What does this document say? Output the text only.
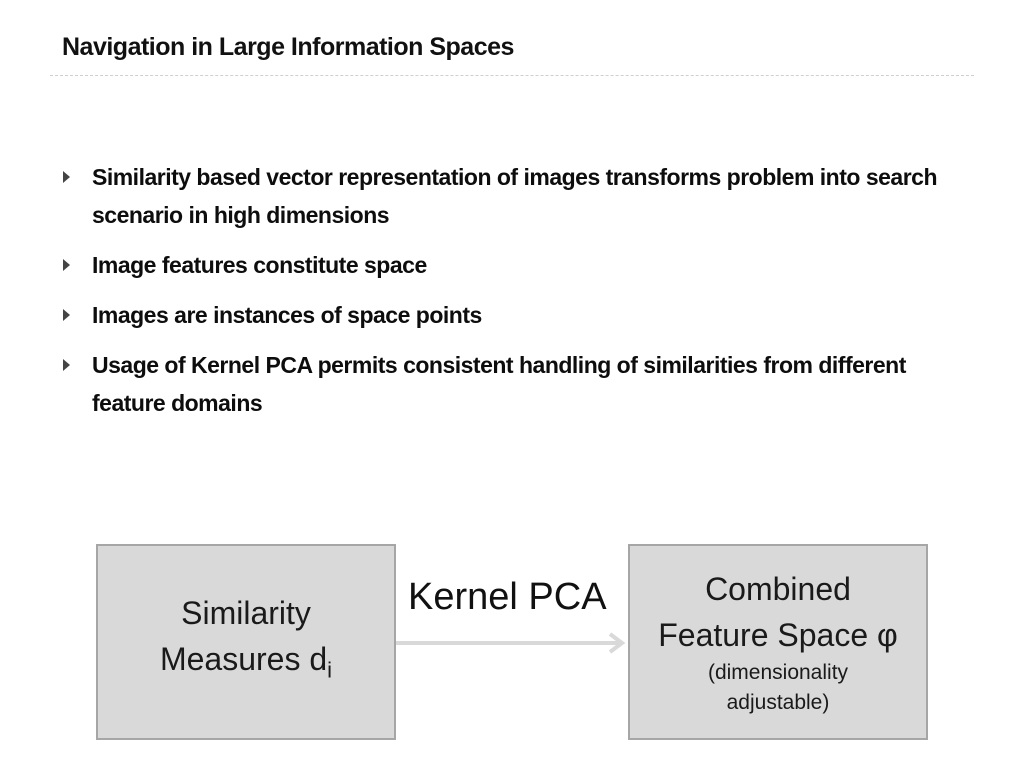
Navigation in Large Information Spaces
Similarity based vector representation of images transforms problem into search scenario in high dimensions
Image features constitute space
Images are instances of space points
Usage of Kernel PCA permits consistent handling of similarities from different feature domains
Similarity
Measures $d_i$
Kernel PCA	Combined
Feature Space φ
(dimensionality
adjustable)
